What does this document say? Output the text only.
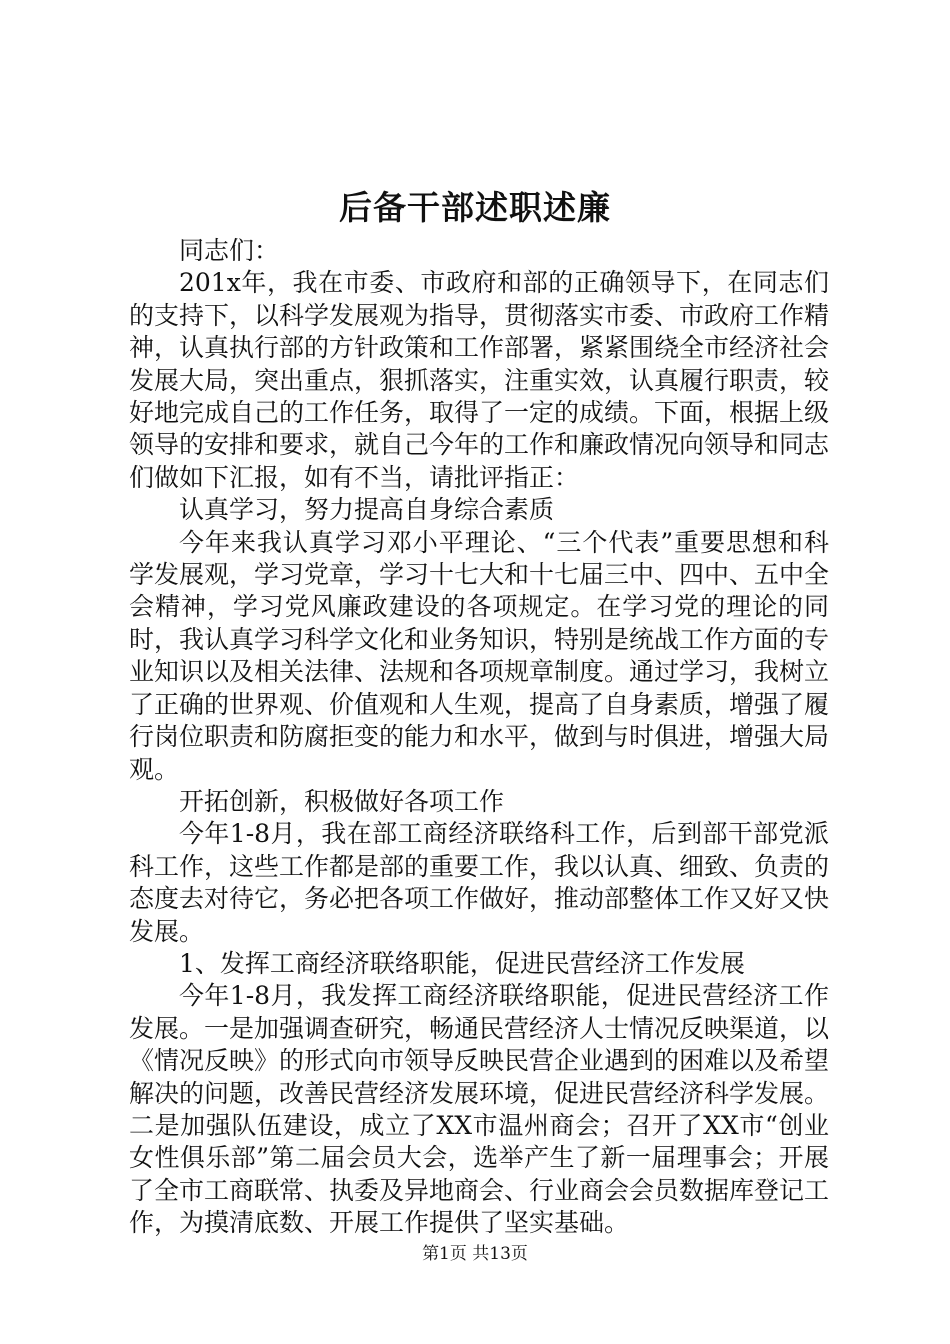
后备干部述职述廉

同志们：

201x年，我在市委、市政府和部的正确领导下，在同志们的支持下，以科学发展观为指导，贯彻落实市委、市政府工作精神，认真执行部的方针政策和工作部署，紧紧围绕全市经济社会发展大局，突出重点，狠抓落实，注重实效，认真履行职责，较好地完成自己的工作任务，取得了一定的成绩。下面，根据上级领导的安排和要求，就自己今年的工作和廉政情况向领导和同志们做如下汇报，如有不当，请批评指正：

认真学习，努力提高自身综合素质

今年来我认真学习邓小平理论、“三个代表”重要思想和科学发展观，学习党章，学习十七大和十七届三中、四中、五中全会精神，学习党风廉政建设的各项规定。在学习党的理论的同时，我认真学习科学文化和业务知识，特别是统战工作方面的专业知识以及相关法律、法规和各项规章制度。通过学习，我树立了正确的世界观、价值观和人生观，提高了自身素质，增强了履行岗位职责和防腐拒变的能力和水平，做到与时俱进，增强大局观。

开拓创新，积极做好各项工作

今年1-8月，我在部工商经济联络科工作，后到部干部党派科工作，这些工作都是部的重要工作，我以认真、细致、负责的态度去对待它，务必把各项工作做好，推动部整体工作又好又快发展。

1、发挥工商经济联络职能，促进民营经济工作发展

今年1-8月，我发挥工商经济联络职能，促进民营经济工作发展。一是加强调查研究，畅通民营经济人士情况反映渠道，以《情况反映》的形式向市领导反映民营企业遇到的困难以及希望解决的问题，改善民营经济发展环境，促进民营经济科学发展。二是加强队伍建设，成立了XX市温州商会；召开了XX市“创业女性俱乐部”第二届会员大会，选举产生了新一届理事会；开展了全市工商联常、执委及异地商会、行业商会会员数据库登记工作，为摸清底数、开展工作提供了坚实基础。

第1页 共13页
